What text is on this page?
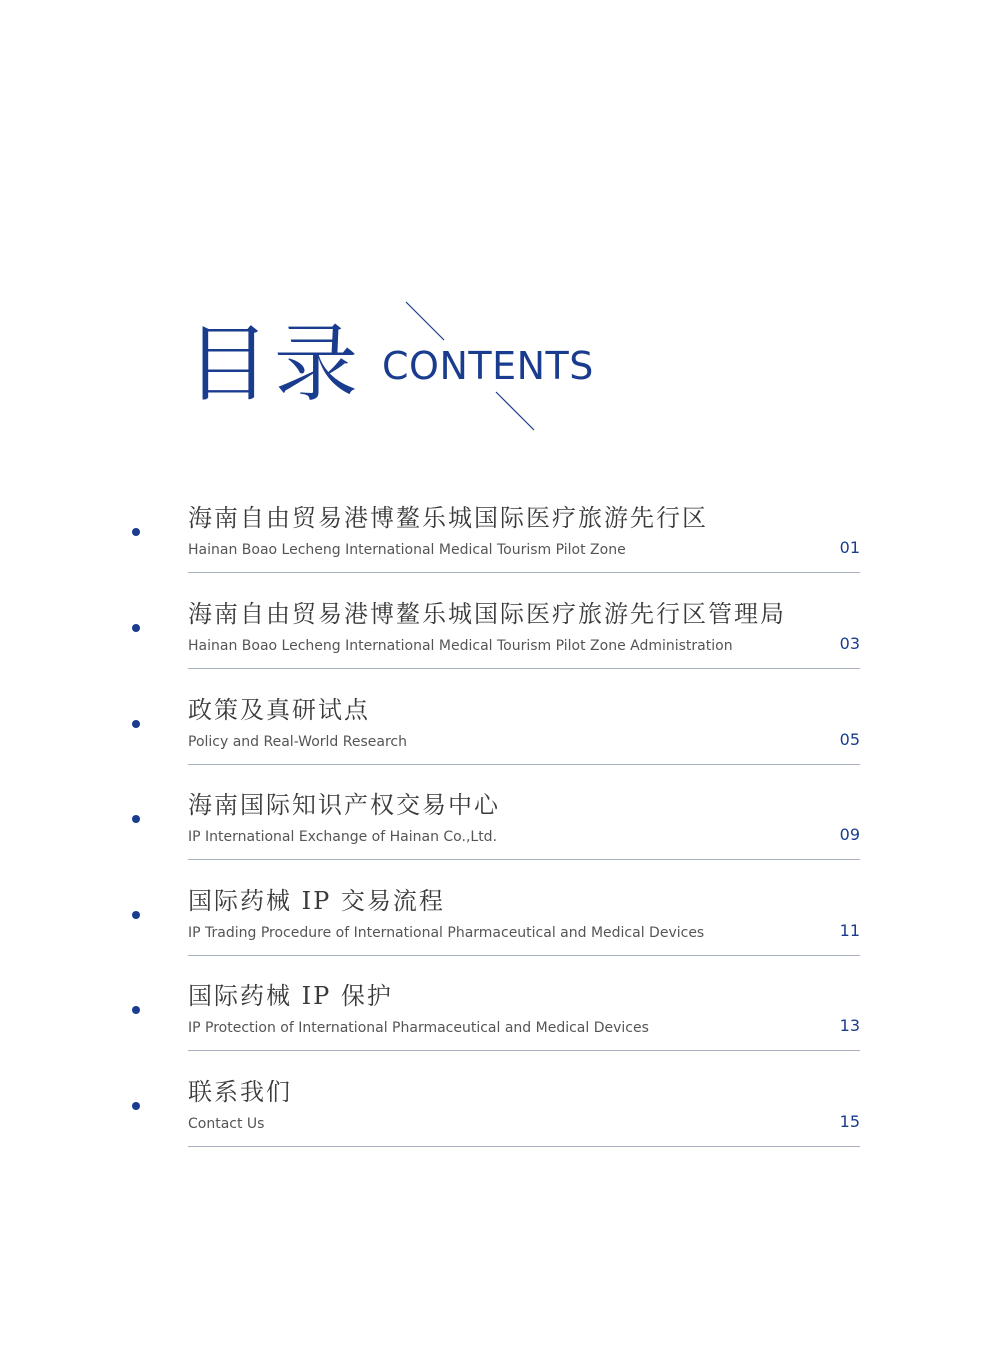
目录 CONTENTS
海南自由贸易港博鳌乐城国际医疗旅游先行区
Hainan Boao Lecheng International Medical Tourism Pilot Zone	01
海南自由贸易港博鳌乐城国际医疗旅游先行区管理局
Hainan Boao Lecheng International Medical Tourism Pilot Zone Administration	03
政策及真研试点
Policy and Real-World Research	05
海南国际知识产权交易中心
IP International Exchange of Hainan Co.,Ltd.	09
国际药械 IP 交易流程
IP Trading Procedure of International Pharmaceutical and Medical Devices	11
国际药械 IP 保护
IP Protection of International Pharmaceutical and Medical Devices	13
联系我们
Contact Us	15
